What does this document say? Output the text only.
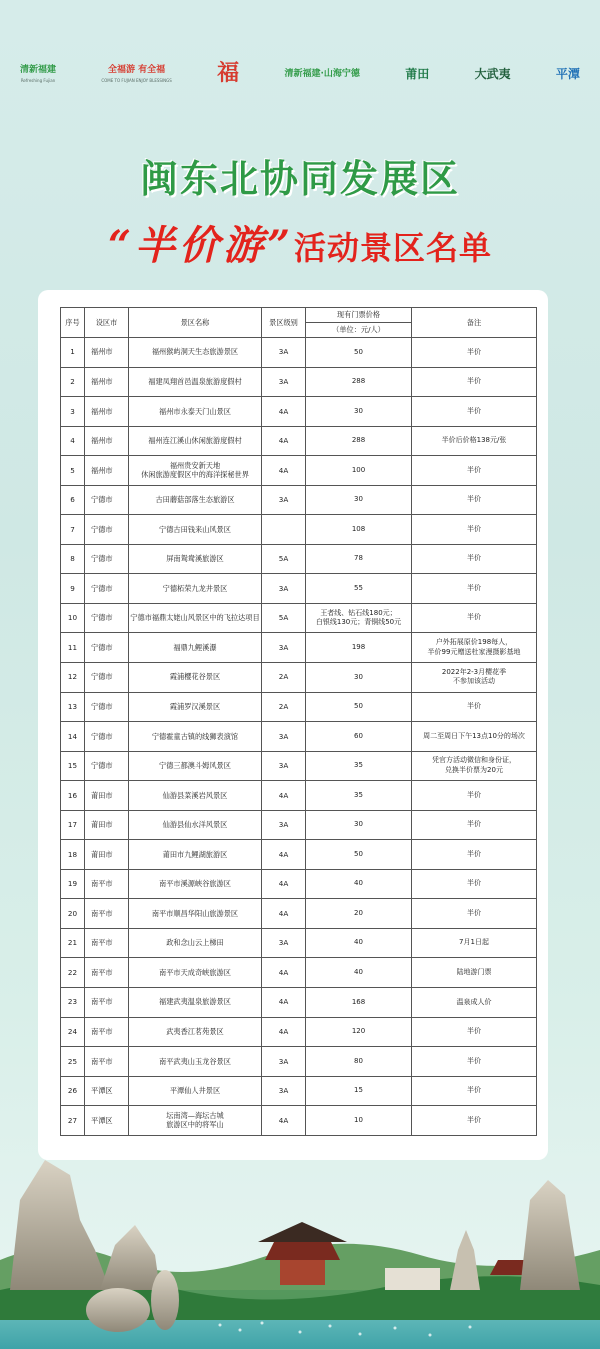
清新福建
Refreshing Fujian
全福游 有全福
COME TO FUJIAN ENJOY BLESSINGS 福	清新福建·山海宁德	莆田	大武夷	平潭
闽东北协同发展区
“半价游”活动景区名单
序号	设区市	景区名称	景区级别	现有门票价格	备注
				（单位：元/人）	
1	福州市	福州猴屿洞天生态旅游景区	3A	50	半价
2	福州市	福建凤翔首邑温泉旅游度假村	3A	288	半价
3	福州市	福州市永泰天门山景区	4A	30	半价
4	福州市	福州连江溪山休闲旅游度假村	4A	288	半价后价格138元/张
5	福州市	福州贵安新天地
休闲旅游度假区中的海洋探秘世界	4A	100	半价
6	宁德市	古田蘑菇部落生态旅游区	3A	30	半价
7	宁德市	宁德古田钱来山风景区		108	半价
8	宁德市	屏南鸳鸯溪旅游区	5A	78	半价
9	宁德市	宁德柘荣九龙井景区	3A	55	半价
10	宁德市	宁德市福鼎太姥山风景区中的飞拉达项目	5A	王者线、钻石线180元；
白银线130元；青铜线50元	半价
11	宁德市	福鼎九鲤溪瀑	3A	198	户外拓展原价198每人，
半价99元赠送杜家漫摄影基地
12	宁德市	霞浦樱花谷景区	2A	30	2022年2-3月樱花季
不参加该活动
13	宁德市	霞浦罗汉溪景区	2A	50	半价
14	宁德市	宁德霍童古镇的线狮表演馆	3A	60	周二至周日下午13点10分的场次
15	宁德市	宁德三都澳斗姆风景区	3A	35	凭官方活动微信和身份证，
兑换半价票为20元
16	莆田市	仙游县菜溪岩风景区	4A	35	半价
17	莆田市	仙游县仙水洋风景区	3A	30	半价
18	莆田市	莆田市九鲤湖旅游区	4A	50	半价
19	南平市	南平市溪源峡谷旅游区	4A	40	半价
20	南平市	南平市顺昌华阳山旅游景区	4A	20	半价
21	南平市	政和念山云上梯田	3A	40	7月1日起
22	南平市	南平市天成奇峡旅游区	4A	40	陆地游门票
23	南平市	福建武夷温泉旅游景区	4A	168	温泉成人价
24	南平市	武夷香江茗苑景区	4A	120	半价
25	南平市	南平武夷山玉龙谷景区	3A	80	半价
26	平潭区	平潭仙人井景区	3A	15	半价
27	平潭区	坛南湾—海坛古城
旅游区中的将军山	4A	10	半价
